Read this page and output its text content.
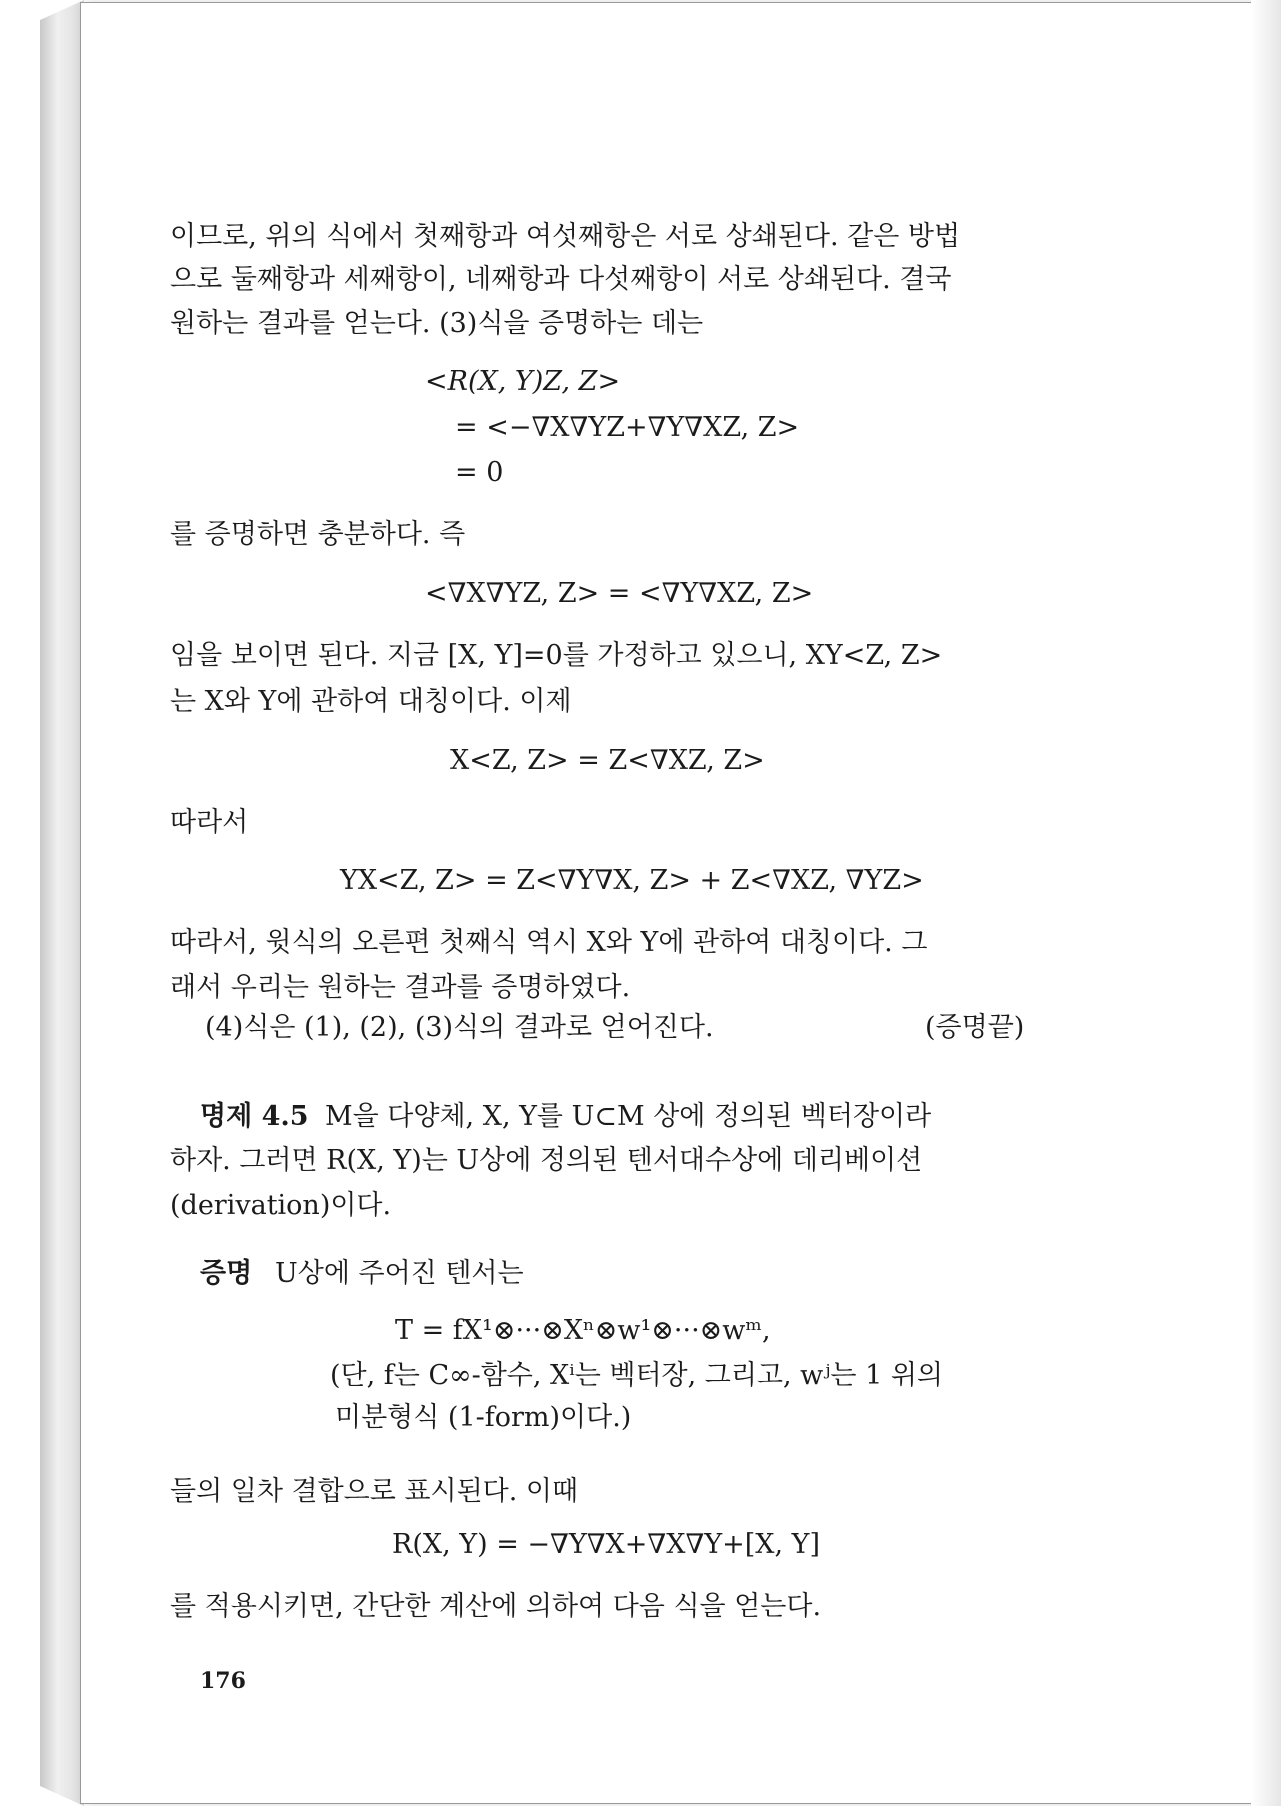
이므로, 위의 식에서 첫째항과 여섯째항은 서로 상쇄된다. 같은 방법
으로 둘째항과 세째항이, 네째항과 다섯째항이 서로 상쇄된다. 결국
원하는 결과를 얻는다. (3)식을 증명하는 데는
<R(X, Y)Z, Z>
= <−∇X∇YZ+∇Y∇XZ, Z>
= 0
를 증명하면 충분하다. 즉
<∇X∇YZ, Z> = <∇Y∇XZ, Z>
임을 보이면 된다. 지금 [X, Y]=0를 가정하고 있으니, XY<Z, Z>
는 X와 Y에 관하여 대칭이다. 이제
X<Z, Z> = Z<∇XZ, Z>
따라서
YX<Z, Z> = Z<∇Y∇X, Z> + Z<∇XZ, ∇YZ>
따라서, 윗식의 오른편 첫째식 역시 X와 Y에 관하여 대칭이다. 그
래서 우리는 원하는 결과를 증명하였다.
(4)식은 (1), (2), (3)식의 결과로 얻어진다.	(증명끝)
명제 4.5 M을 다양체, X, Y를 U⊂M 상에 정의된 벡터장이라
하자. 그러면 R(X, Y)는 U상에 정의된 텐서대수상에 데리베이션
(derivation)이다.
증명 U상에 주어진 텐서는
T = fX¹⊗···⊗Xⁿ⊗w¹⊗···⊗wᵐ,
(단, f는 C∞-함수, Xⁱ는 벡터장, 그리고, wʲ는 1 위의
미분형식 (1-form)이다.)
들의 일차 결합으로 표시된다. 이때
R(X, Y) = −∇Y∇X+∇X∇Y+[X, Y]
를 적용시키면, 간단한 계산에 의하여 다음 식을 얻는다.
176
